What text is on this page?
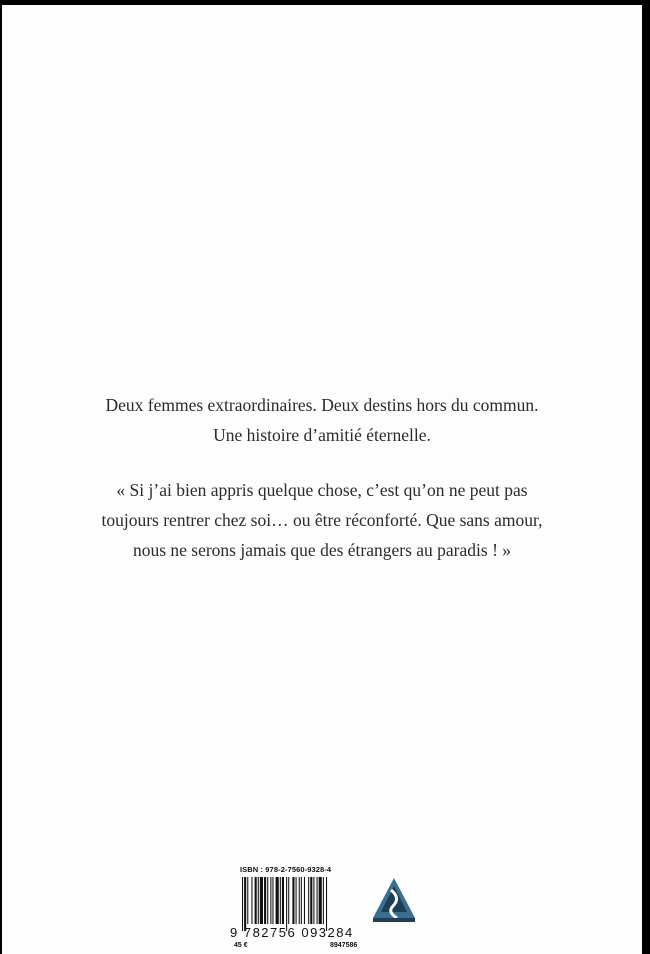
Deux femmes extraordinaires. Deux destins hors du commun.

Une histoire d’amitié éternelle.

« Si j’ai bien appris quelque chose, c’est qu’on ne peut pas

toujours rentrer chez soi… ou être réconforté. Que sans amour,

nous ne serons jamais que des étrangers au paradis ! »

ISBN : 978-2-7560-9328-4
9 782756 093284
45 €	8947586
